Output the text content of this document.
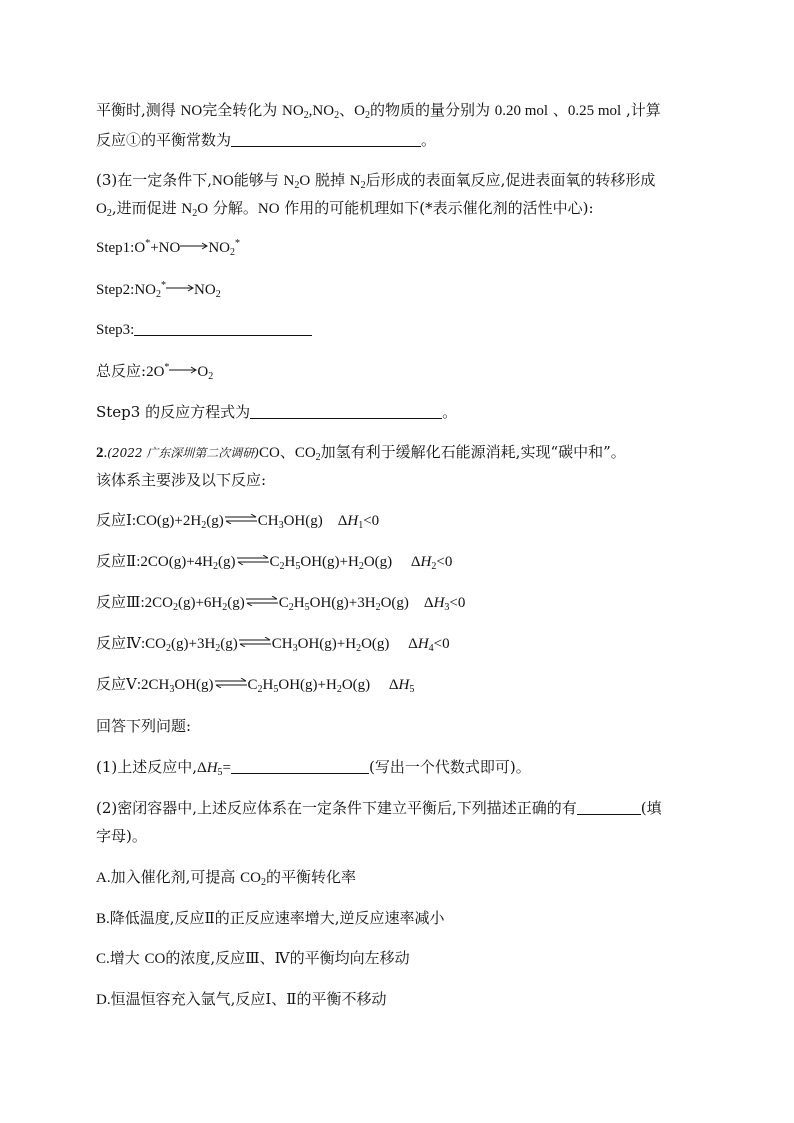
平衡时,测得 NO完全转化为 $NO_2,NO_2$、$O_2$的物质的量分别为 0.20 mol 、0.25 mol ,计算
反应①的平衡常数为	。
(3)在一定条件下,NO能够与 $N_2O$ 脱掉 $N_2$后形成的表面氧反应,促进表面氧的转移形成
$O_2$,进而促进 $N_2O$ 分解。NO 作用的可能机理如下(*表示催化剂的活性中心):
$Step1:O^*+NO\to NO_2^*$
$Step2:NO_2^*\to NO_2$
Step3:
总反应$:2O^*\to O_2$
Step3 的反应方程式为	。
2.(2022 广东深圳第二次调研)CO、$CO_2$加氢有利于缓解化石能源消耗,实现“碳中和”。
该体系主要涉及以下反应:
反应$Ⅰ:CO(g)+2H_2(g)\rightleftharpoons CH_3OH(g)$    $\Delta H_1<0$
反应$Ⅱ:2CO(g)+4H_2(g)\rightleftharpoons C_2H_5OH(g)+H_2O(g)$     $\Delta H_2<0$
反应$Ⅲ:2CO_2(g)+6H_2(g)\rightleftharpoons C_2H_5OH(g)+3H_2O(g)$    $\Delta H_3<0$
反应$Ⅳ:CO_2(g)+3H_2(g)\rightleftharpoons CH_3OH(g)+H_2O(g)$     $\Delta H_4<0$
反应$Ⅴ:2CH_3OH(g)\rightleftharpoons C_2H_5OH(g)+H_2O(g)$     $\Delta H_5$
回答下列问题:
(1)上述反应中$,\Delta H_5=$	(写出一个代数式即可)。
(2)密闭容器中,上述反应体系在一定条件下建立平衡后,下列描述正确的有	(填
字母)。
A.加入催化剂,可提高 $CO_2$的平衡转化率
B.降低温度,反应Ⅱ的正反应速率增大,逆反应速率减小
C.增大 CO的浓度,反应Ⅲ、Ⅳ的平衡均向左移动
D.恒温恒容充入氩气,反应Ⅰ、Ⅱ的平衡不移动
